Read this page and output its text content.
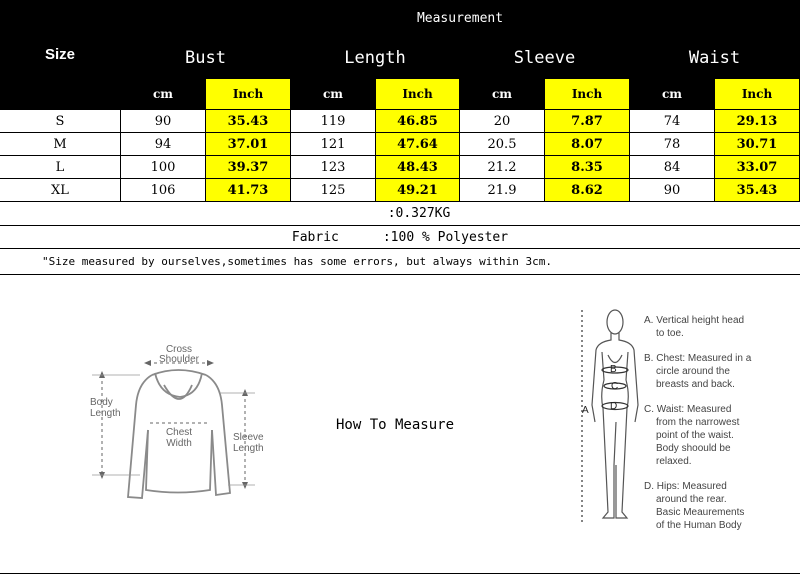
Size
Measurement
Bust	Length	Sleeve	Waist
cm	Inch	cm	Inch	cm	Inch	cm	Inch
S	90	35.43	119	46.85	20	7.87	74	29.13
M	94	37.01	121	47.64	20.5	8.07	78	30.71
L	100	39.37	123	48.43	21.2	8.35	84	33.07
XL	106	41.73	125	49.21	21.9	8.62	90	35.43
:0.327KG
Fabric	:100 % Polyester
"Size measured by ourselves,sometimes has some errors, but always within 3cm.
Cross
Shoulder
Body
Length
Chest
Width
Sleeve
Length
How To Measure
B
C
D
A
A. Vertical height head
to toe.
B. Chest: Measured in a
circle around the
breasts and back.
C. Waist: Measured
from the narrowest
point of the waist.
Body shoould be
relaxed.
D. Hips: Measured
around the rear.
Basic Meaurements
of the Human Body
